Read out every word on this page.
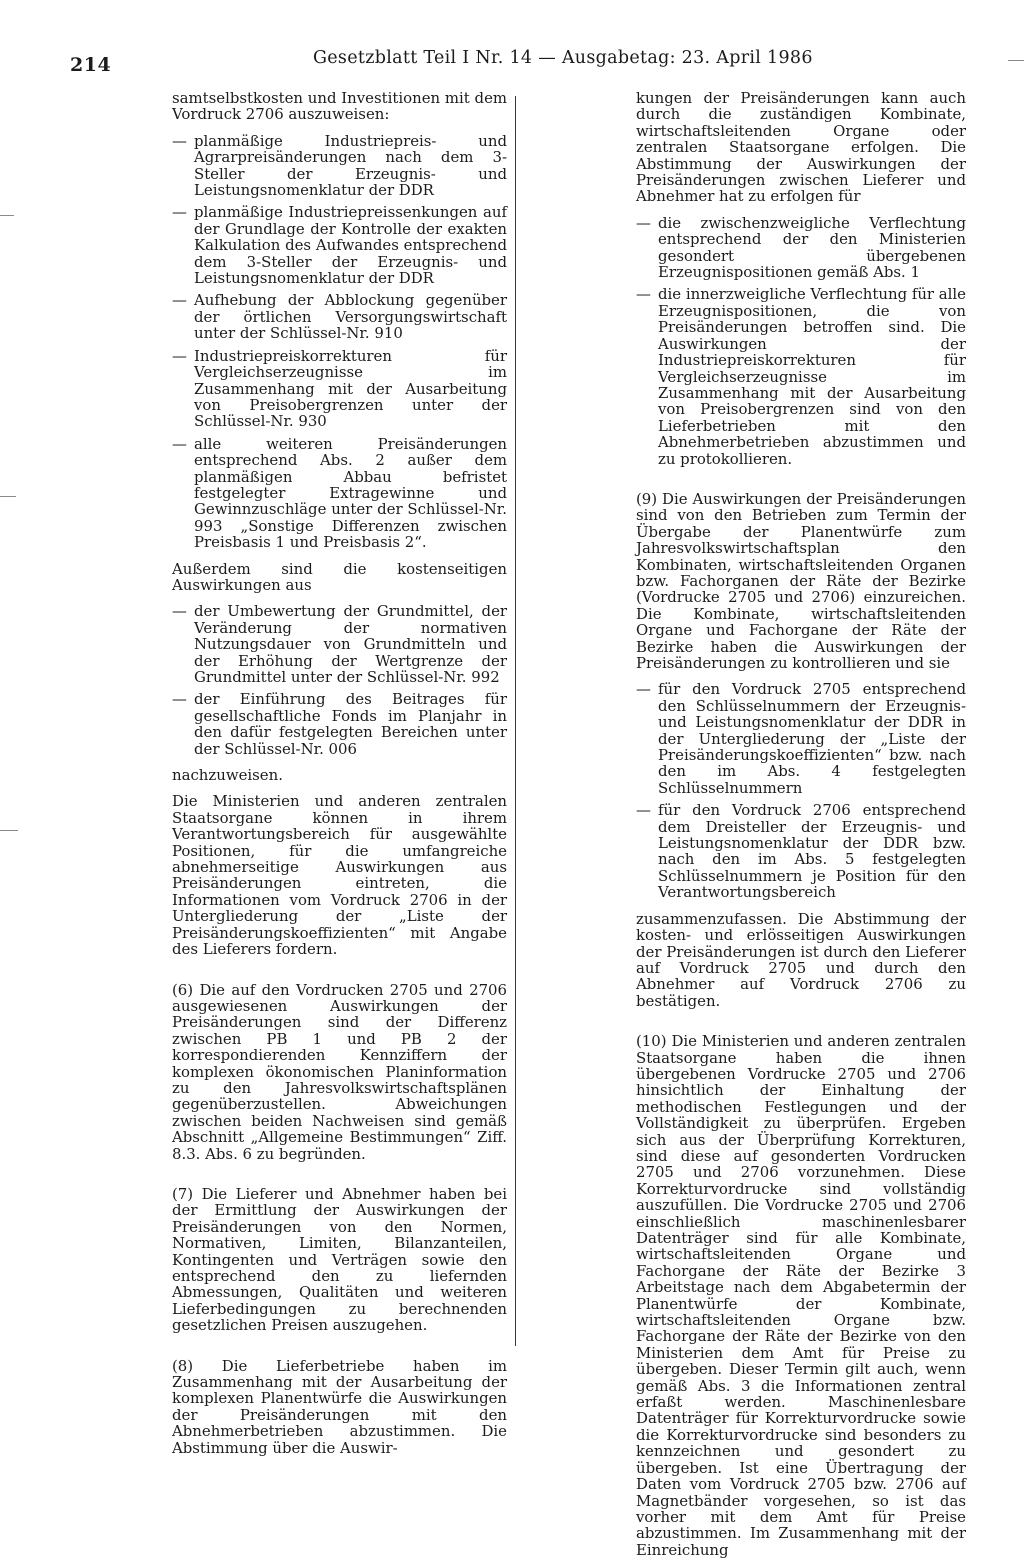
214	Gesetzblatt Teil I Nr. 14 — Ausgabetag: 23. April 1986

samtselbstkosten und Investitionen mit dem Vordruck 2706 auszuweisen:

— planmäßige Industriepreis- und Agrarpreisänderungen nach dem 3-Steller der Erzeugnis- und Leistungsnomenklatur der DDR
— planmäßige Industriepreissenkungen auf der Grundlage der Kontrolle der exakten Kalkulation des Aufwandes entsprechend dem 3-Steller der Erzeugnis- und Leistungsnomenklatur der DDR
— Aufhebung der Abblockung gegenüber der örtlichen Versorgungswirtschaft unter der Schlüssel-Nr. 910
— Industriepreiskorrekturen für Vergleichserzeugnisse im Zusammenhang mit der Ausarbeitung von Preisobergrenzen unter der Schlüssel-Nr. 930
— alle weiteren Preisänderungen entsprechend Abs. 2 außer dem planmäßigen Abbau befristet festgelegter Extragewinne und Gewinnzuschläge unter der Schlüssel-Nr. 993 „Sonstige Differenzen zwischen Preisbasis 1 und Preisbasis 2“.

Außerdem sind die kostenseitigen Auswirkungen aus

— der Umbewertung der Grundmittel, der Veränderung der normativen Nutzungsdauer von Grundmitteln und der Erhöhung der Wertgrenze der Grundmittel unter der Schlüssel-Nr. 992
— der Einführung des Beitrages für gesellschaftliche Fonds im Planjahr in den dafür festgelegten Bereichen unter der Schlüssel-Nr. 006

nachzuweisen.

Die Ministerien und anderen zentralen Staatsorgane können in ihrem Verantwortungsbereich für ausgewählte Positionen, für die umfangreiche abnehmerseitige Auswirkungen aus Preisänderungen eintreten, die Informationen vom Vordruck 2706 in der Untergliederung der „Liste der Preisänderungskoeffizienten“ mit Angabe des Lieferers fordern.

(6) Die auf den Vordrucken 2705 und 2706 ausgewiesenen Auswirkungen der Preisänderungen sind der Differenz zwischen PB 1 und PB 2 der korrespondierenden Kennziffern der komplexen ökonomischen Planinformation zu den Jahresvolkswirtschaftsplänen gegenüberzustellen. Abweichungen zwischen beiden Nachweisen sind gemäß Abschnitt „Allgemeine Bestimmungen“ Ziff. 8.3. Abs. 6 zu begründen.

(7) Die Lieferer und Abnehmer haben bei der Ermittlung der Auswirkungen der Preisänderungen von den Normen, Normativen, Limiten, Bilanzanteilen, Kontingenten und Verträgen sowie den entsprechend den zu liefernden Abmessungen, Qualitäten und weiteren Lieferbedingungen zu berechnenden gesetzlichen Preisen auszugehen.

(8) Die Lieferbetriebe haben im Zusammenhang mit der Ausarbeitung der komplexen Planentwürfe die Auswirkungen der Preisänderungen mit den Abnehmerbetrieben abzustimmen. Die Abstimmung über die Auswir-

kungen der Preisänderungen kann auch durch die zuständigen Kombinate, wirtschaftsleitenden Organe oder zentralen Staatsorgane erfolgen. Die Abstimmung der Auswirkungen der Preisänderungen zwischen Lieferer und Abnehmer hat zu erfolgen für

— die zwischenzweigliche Verflechtung entsprechend der den Ministerien gesondert übergebenen Erzeugnispositionen gemäß Abs. 1
— die innerzweigliche Verflechtung für alle Erzeugnispositionen, die von Preisänderungen betroffen sind. Die Auswirkungen der Industriepreiskorrekturen für Vergleichserzeugnisse im Zusammenhang mit der Ausarbeitung von Preisobergrenzen sind von den Lieferbetrieben mit den Abnehmerbetrieben abzustimmen und zu protokollieren.

(9) Die Auswirkungen der Preisänderungen sind von den Betrieben zum Termin der Übergabe der Planentwürfe zum Jahresvolkswirtschaftsplan den Kombinaten, wirtschaftsleitenden Organen bzw. Fachorganen der Räte der Bezirke (Vordrucke 2705 und 2706) einzureichen. Die Kombinate, wirtschaftsleitenden Organe und Fachorgane der Räte der Bezirke haben die Auswirkungen der Preisänderungen zu kontrollieren und sie

— für den Vordruck 2705 entsprechend den Schlüsselnummern der Erzeugnis- und Leistungsnomenklatur der DDR in der Untergliederung der „Liste der Preisänderungskoeffizienten“ bzw. nach den im Abs. 4 festgelegten Schlüsselnummern
— für den Vordruck 2706 entsprechend dem Dreisteller der Erzeugnis- und Leistungsnomenklatur der DDR bzw. nach den im Abs. 5 festgelegten Schlüsselnummern je Position für den Verantwortungsbereich

zusammenzufassen. Die Abstimmung der kosten- und erlösseitigen Auswirkungen der Preisänderungen ist durch den Lieferer auf Vordruck 2705 und durch den Abnehmer auf Vordruck 2706 zu bestätigen.

(10) Die Ministerien und anderen zentralen Staatsorgane haben die ihnen übergebenen Vordrucke 2705 und 2706 hinsichtlich der Einhaltung der methodischen Festlegungen und der Vollständigkeit zu überprüfen. Ergeben sich aus der Überprüfung Korrekturen, sind diese auf gesonderten Vordrucken 2705 und 2706 vorzunehmen. Diese Korrekturvordrucke sind vollständig auszufüllen. Die Vordrucke 2705 und 2706 einschließlich maschinenlesbarer Datenträger sind für alle Kombinate, wirtschaftsleitenden Organe und Fachorgane der Räte der Bezirke 3 Arbeitstage nach dem Abgabetermin der Planentwürfe der Kombinate, wirtschaftsleitenden Organe bzw. Fachorgane der Räte der Bezirke von den Ministerien dem Amt für Preise zu übergeben. Dieser Termin gilt auch, wenn gemäß Abs. 3 die Informationen zentral erfaßt werden. Maschinenlesbare Datenträger für Korrekturvordrucke sowie die Korrekturvordrucke sind besonders zu kennzeichnen und gesondert zu übergeben. Ist eine Übertragung der Daten vom Vordruck 2705 bzw. 2706 auf Magnetbänder vorgesehen, so ist das vorher mit dem Amt für Preise abzustimmen. Im Zusammenhang mit der Einreichung
